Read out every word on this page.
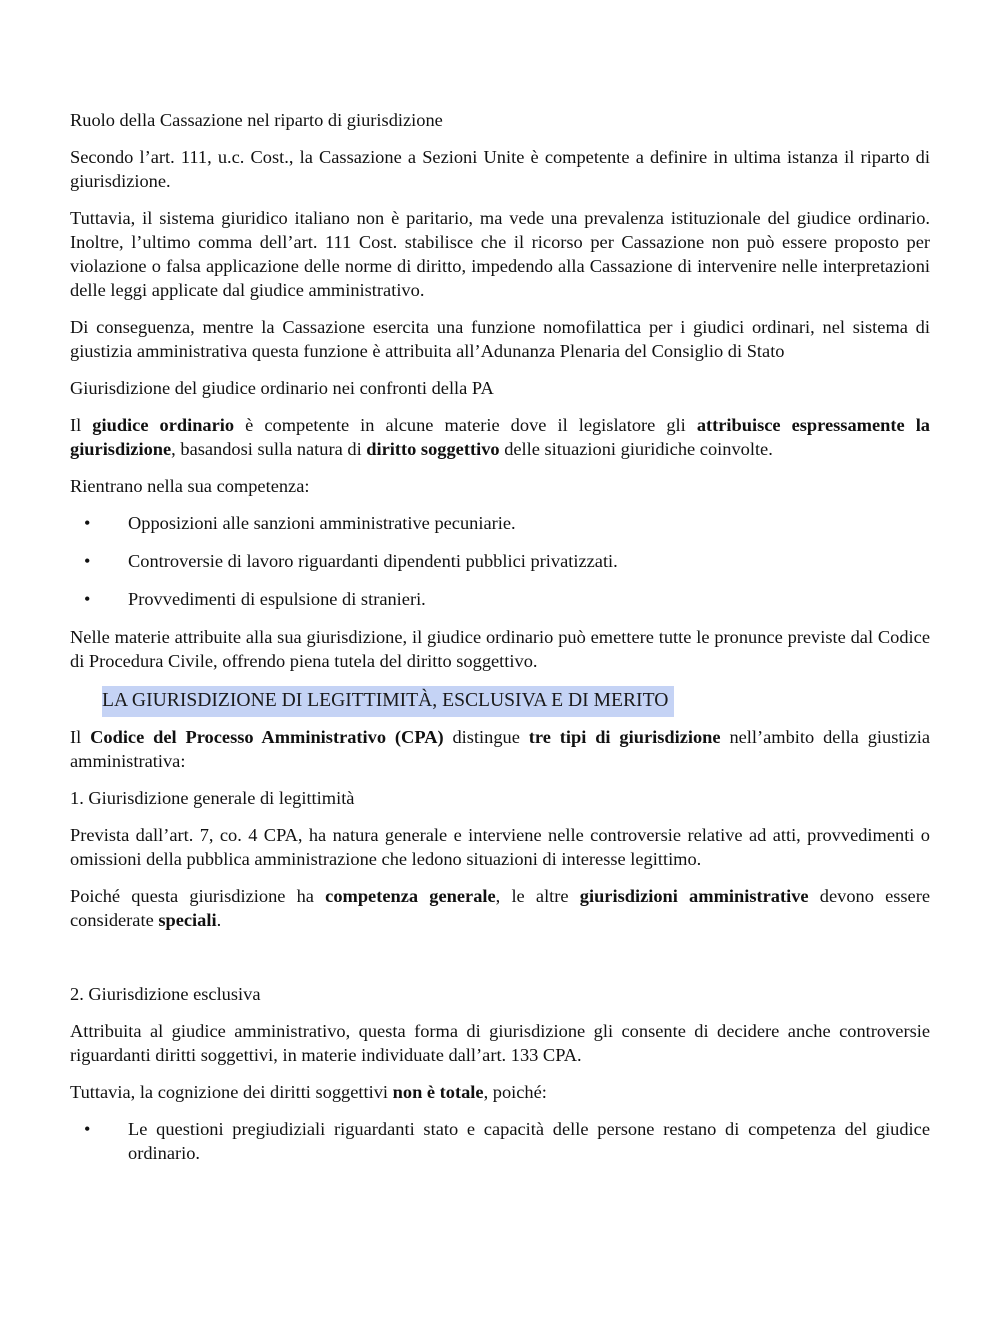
Ruolo della Cassazione nel riparto di giurisdizione

Secondo l’art. 111, u.c. Cost., la Cassazione a Sezioni Unite è competente a definire in ultima istanza il riparto di giurisdizione.

Tuttavia, il sistema giuridico italiano non è paritario, ma vede una prevalenza istituzionale del giudice ordinario. Inoltre, l’ultimo comma dell’art. 111 Cost. stabilisce che il ricorso per Cassazione non può essere proposto per violazione o falsa applicazione delle norme di diritto, impedendo alla Cassazione di intervenire nelle interpretazioni delle leggi applicate dal giudice amministrativo.

Di conseguenza, mentre la Cassazione esercita una funzione nomofilattica per i giudici ordinari, nel sistema di giustizia amministrativa questa funzione è attribuita all’Adunanza Plenaria del Consiglio di Stato

Giurisdizione del giudice ordinario nei confronti della PA

Il giudice ordinario è competente in alcune materie dove il legislatore gli attribuisce espressamente la giurisdizione, basandosi sulla natura di diritto soggettivo delle situazioni giuridiche coinvolte.

Rientrano nella sua competenza:

• Opposizioni alle sanzioni amministrative pecuniarie.
• Controversie di lavoro riguardanti dipendenti pubblici privatizzati.
• Provvedimenti di espulsione di stranieri.

Nelle materie attribuite alla sua giurisdizione, il giudice ordinario può emettere tutte le pronunce previste dal Codice di Procedura Civile, offrendo piena tutela del diritto soggettivo.

LA GIURISDIZIONE DI LEGITTIMITÀ, ESCLUSIVA E DI MERITO

Il Codice del Processo Amministrativo (CPA) distingue tre tipi di giurisdizione nell’ambito della giustizia amministrativa:

1. Giurisdizione generale di legittimità

Prevista dall’art. 7, co. 4 CPA, ha natura generale e interviene nelle controversie relative ad atti, provvedimenti o omissioni della pubblica amministrazione che ledono situazioni di interesse legittimo.

Poiché questa giurisdizione ha competenza generale, le altre giurisdizioni amministrative devono essere considerate speciali.

2. Giurisdizione esclusiva

Attribuita al giudice amministrativo, questa forma di giurisdizione gli consente di decidere anche controversie riguardanti diritti soggettivi, in materie individuate dall’art. 133 CPA.

Tuttavia, la cognizione dei diritti soggettivi non è totale, poiché:

• Le questioni pregiudiziali riguardanti stato e capacità delle persone restano di competenza del giudice ordinario.
